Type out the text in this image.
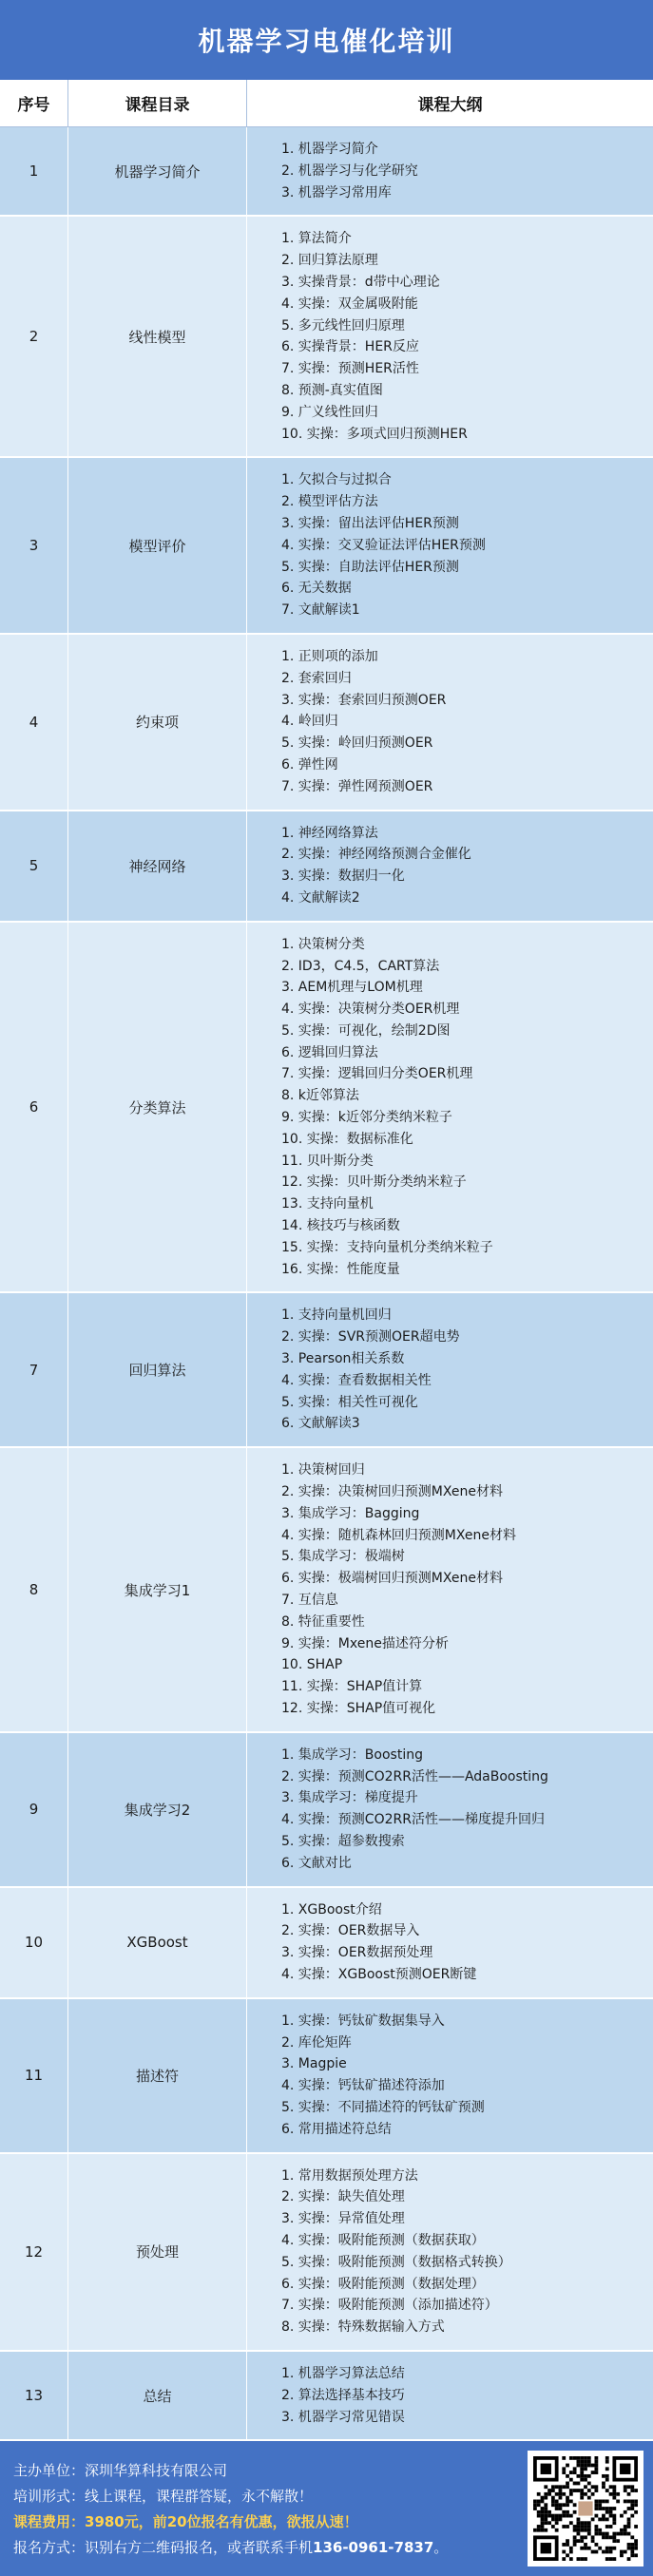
机器学习电催化培训
序号	课程目录	课程大纲
1	机器学习简介
1. 机器学习简介
2. 机器学习与化学研究
3. 机器学习常用库
2	线性模型
1. 算法简介
2. 回归算法原理
3. 实操背景：d带中心理论
4. 实操：双金属吸附能
5. 多元线性回归原理
6. 实操背景：HER反应
7. 实操：预测HER活性
8. 预测-真实值图
9. 广义线性回归
10. 实操：多项式回归预测HER
3	模型评价
1. 欠拟合与过拟合
2. 模型评估方法
3. 实操：留出法评估HER预测
4. 实操：交叉验证法评估HER预测
5. 实操：自助法评估HER预测
6. 无关数据
7. 文献解读1
4	约束项
1. 正则项的添加
2. 套索回归
3. 实操：套索回归预测OER
4. 岭回归
5. 实操：岭回归预测OER
6. 弹性网
7. 实操：弹性网预测OER
5	神经网络
1. 神经网络算法
2. 实操：神经网络预测合金催化
3. 实操：数据归一化
4. 文献解读2
6	分类算法
1. 决策树分类
2. ID3，C4.5，CART算法
3. AEM机理与LOM机理
4. 实操：决策树分类OER机理
5. 实操：可视化，绘制2D图
6. 逻辑回归算法
7. 实操：逻辑回归分类OER机理
8. k近邻算法
9. 实操：k近邻分类纳米粒子
10. 实操：数据标准化
11. 贝叶斯分类
12. 实操：贝叶斯分类纳米粒子
13. 支持向量机
14. 核技巧与核函数
15. 实操：支持向量机分类纳米粒子
16. 实操：性能度量
7	回归算法
1. 支持向量机回归
2. 实操：SVR预测OER超电势
3. Pearson相关系数
4. 实操：查看数据相关性
5. 实操：相关性可视化
6. 文献解读3
8	集成学习1
1. 决策树回归
2. 实操：决策树回归预测MXene材料
3. 集成学习：Bagging
4. 实操：随机森林回归预测MXene材料
5. 集成学习：极端树
6. 实操：极端树回归预测MXene材料
7. 互信息
8. 特征重要性
9. 实操：Mxene描述符分析
10. SHAP
11. 实操：SHAP值计算
12. 实操：SHAP值可视化
9	集成学习2
1. 集成学习：Boosting
2. 实操：预测CO2RR活性——AdaBoosting
3. 集成学习：梯度提升
4. 实操：预测CO2RR活性——梯度提升回归
5. 实操：超参数搜索
6. 文献对比
10	XGBoost
1. XGBoost介绍
2. 实操：OER数据导入
3. 实操：OER数据预处理
4. 实操：XGBoost预测OER断键
11	描述符
1. 实操：钙钛矿数据集导入
2. 库伦矩阵
3. Magpie
4. 实操：钙钛矿描述符添加
5. 实操：不同描述符的钙钛矿预测
6. 常用描述符总结
12	预处理
1. 常用数据预处理方法
2. 实操：缺失值处理
3. 实操：异常值处理
4. 实操：吸附能预测（数据获取）
5. 实操：吸附能预测（数据格式转换）
6. 实操：吸附能预测（数据处理）
7. 实操：吸附能预测（添加描述符）
8. 实操：特殊数据输入方式
13	总结
1. 机器学习算法总结
2. 算法选择基本技巧
3. 机器学习常见错误
主办单位：深圳华算科技有限公司
培训形式：线上课程，课程群答疑，永不解散！
课程费用：3980元，前20位报名有优惠，欲报从速！
报名方式：识别右方二维码报名，或者联系手机136-0961-7837。
